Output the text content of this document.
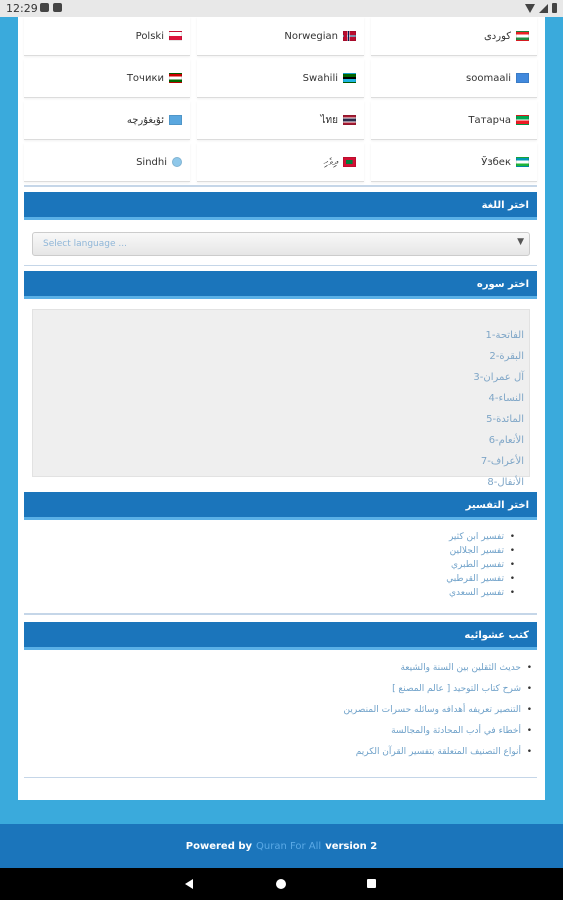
12:29
Polski	Norwegian	كوردی
Точики	Swahili	soomaali
ئۇيغۇرچە	ไทย	Татарча
Sindhi	ދިވެހި	Ўзбек
اختر اللغة
Select language ...	▼
اختر سوره
1-الفاتحة
2-البقرة
3-آل عمران
4-النساء
5-المائدة
6-الأنعام
7-الأعراف
8-الأنفال
اختر التفسير
تفسير ابن كثير •
تفسير الجلالين •
تفسير الطبري •
تفسير القرطبي •
تفسير السعدي •
كتب عشوائيه
حديث الثقلين بين السنة والشيعة •
شرح كتاب التوحيد [ عالم المصنع ] •
التنصير تعريفه أهدافه وسائله حسرات المنصرين •
أخطاء في أدب المحادثة والمجالسة •
أنواع التصنيف المتعلقة بتفسير القرآن الكريم •
Powered by Quran For All version 2
